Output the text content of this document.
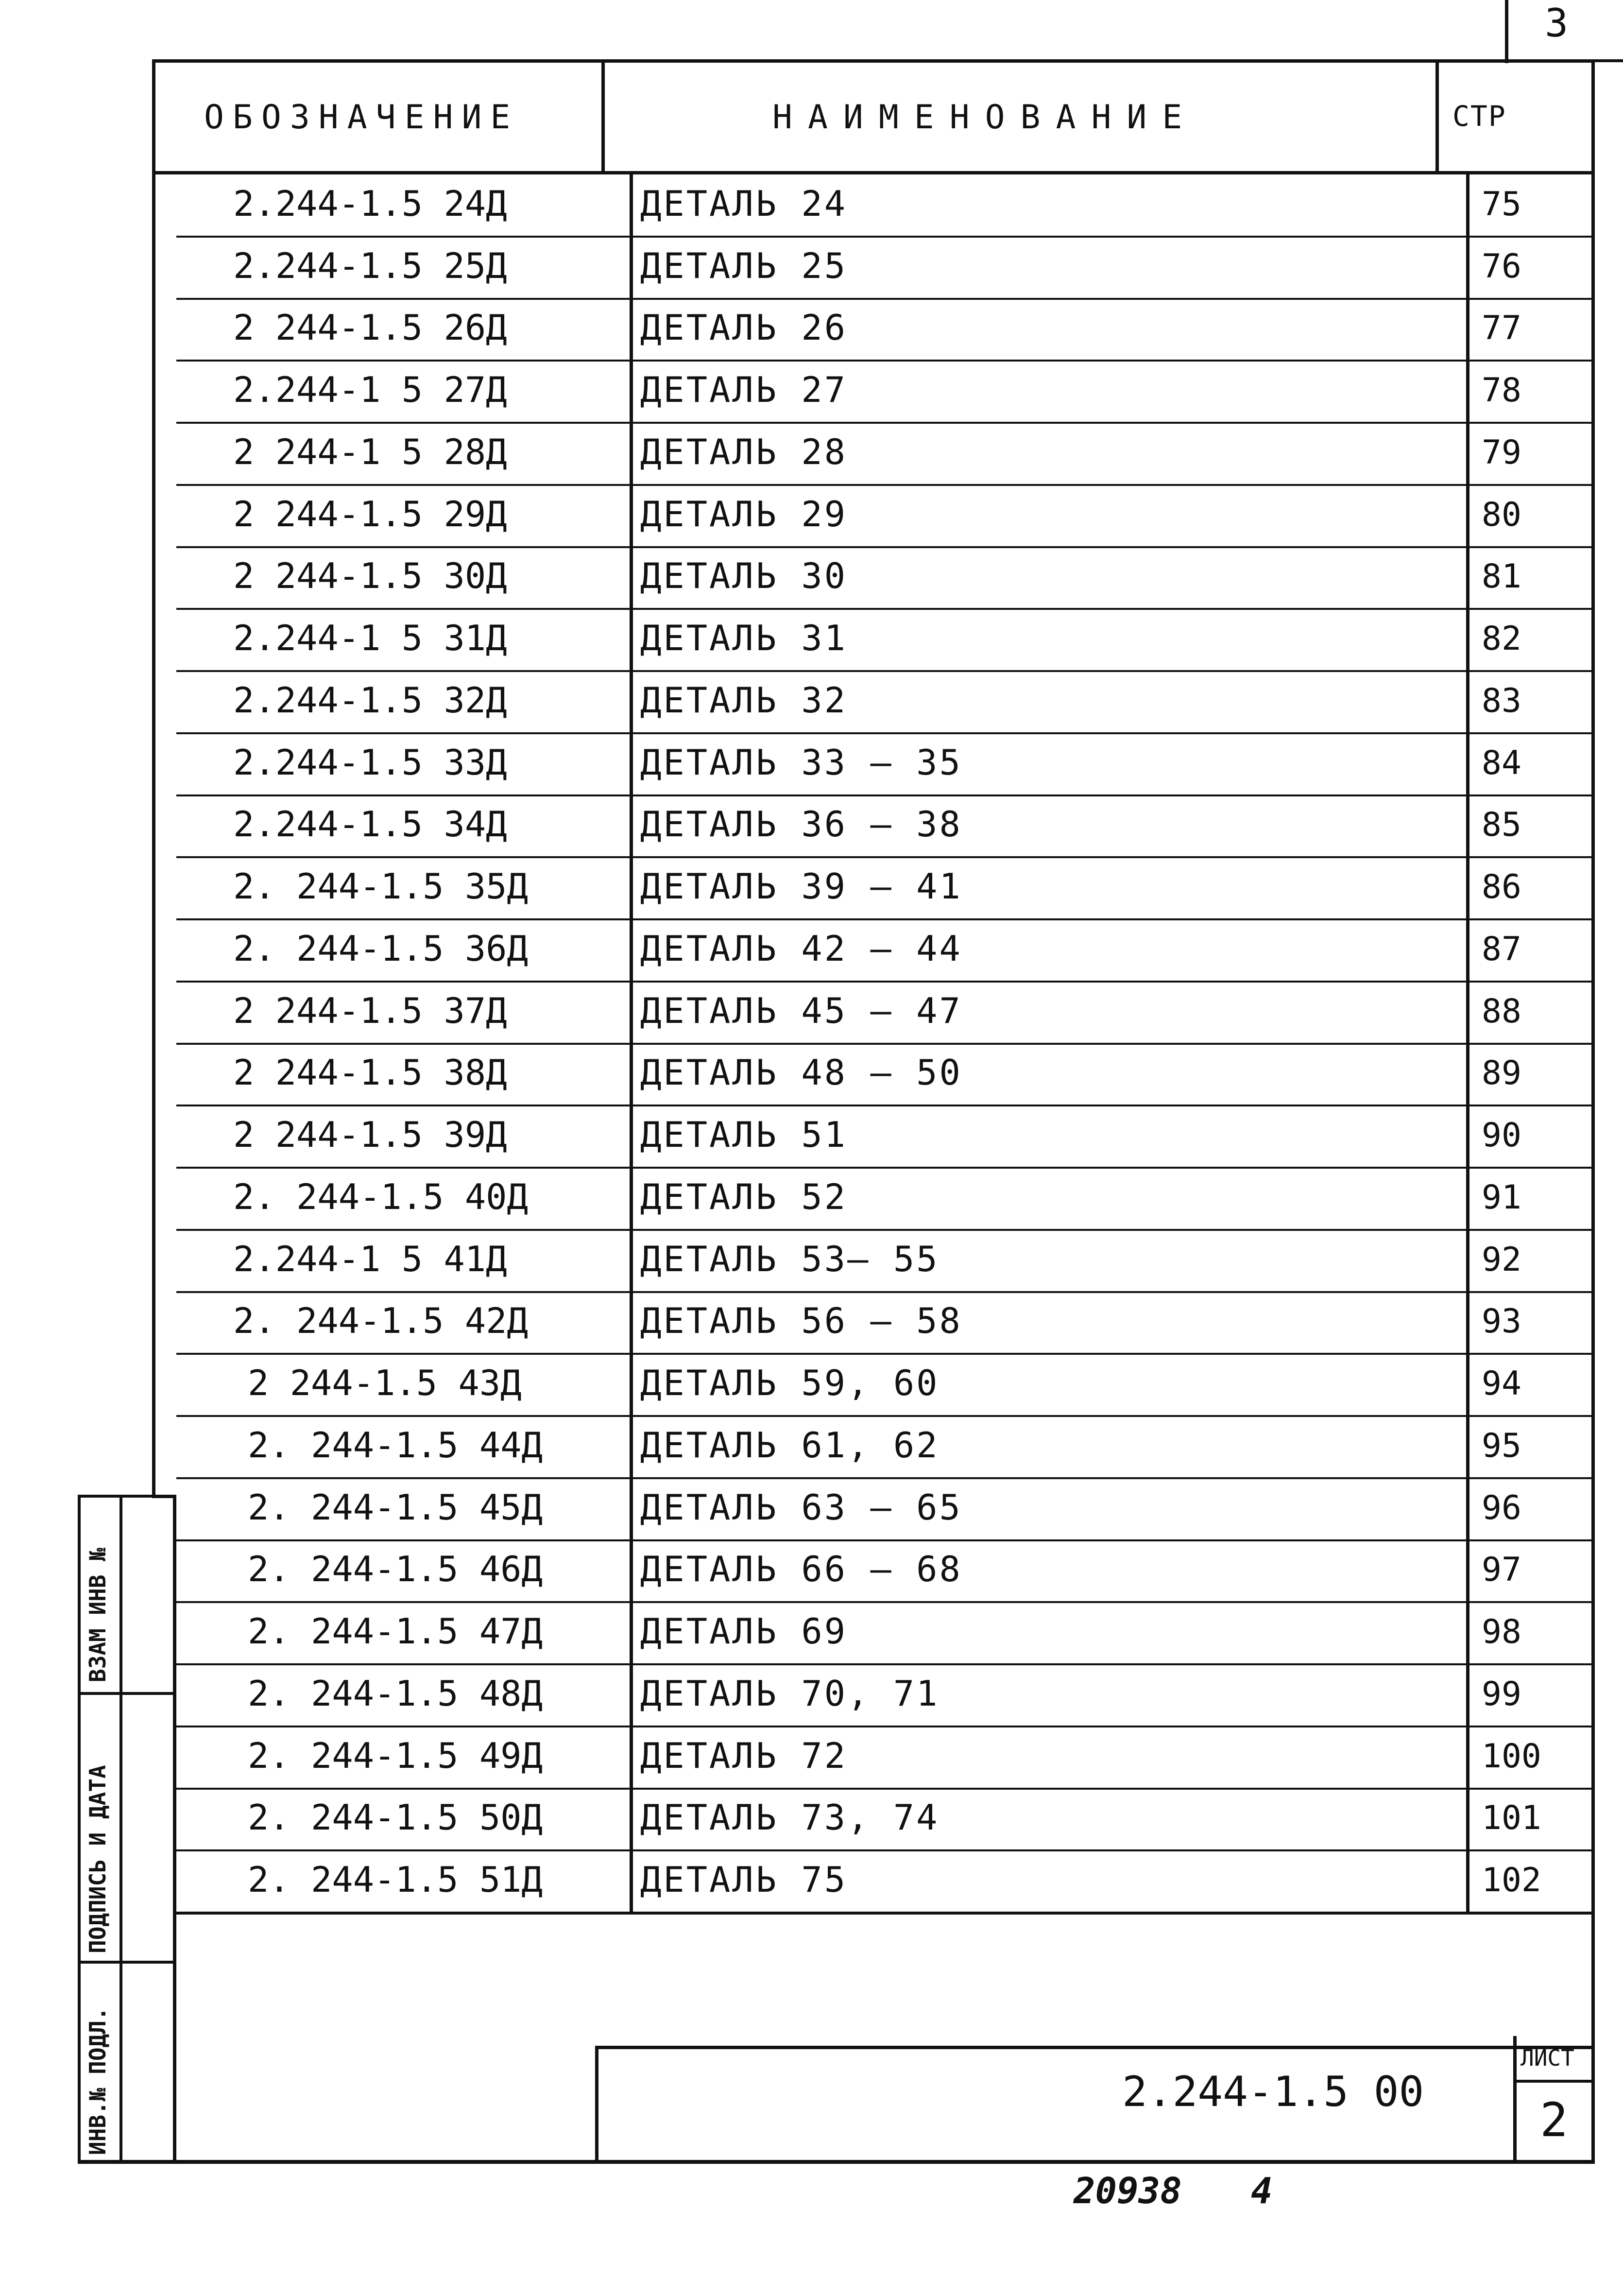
3
ОБОЗНАЧЕНИЕ	НАИМЕНОВАНИЕ	СТР
2.244-1.5 24Д	ДЕТАЛЬ 24	75
2.244-1.5 25Д	ДЕТАЛЬ 25	76
2 244-1.5 26Д	ДЕТАЛЬ 26	77
2.244-1 5 27Д	ДЕТАЛЬ 27	78
2 244-1 5 28Д	ДЕТАЛЬ 28	79
2 244-1.5 29Д	ДЕТАЛЬ 29	80
2 244-1.5 30Д	ДЕТАЛЬ 30	81
2.244-1 5 31Д	ДЕТАЛЬ 31	82
2.244-1.5 32Д	ДЕТАЛЬ 32	83
2.244-1.5 33Д	ДЕТАЛЬ 33 — 35	84
2.244-1.5 34Д	ДЕТАЛЬ 36 — 38	85
2. 244-1.5 35Д	ДЕТАЛЬ 39 — 41	86
2. 244-1.5 36Д	ДЕТАЛЬ 42 — 44	87
2 244-1.5 37Д	ДЕТАЛЬ 45 — 47	88
2 244-1.5 38Д	ДЕТАЛЬ 48 — 50	89
2 244-1.5 39Д	ДЕТАЛЬ 51	90
2. 244-1.5 40Д	ДЕТАЛЬ 52	91
2.244-1 5 41Д	ДЕТАЛЬ 53— 55	92
2. 244-1.5 42Д	ДЕТАЛЬ 56 — 58	93
2 244-1.5 43Д	ДЕТАЛЬ 59, 60	94
2. 244-1.5 44Д	ДЕТАЛЬ 61, 62	95
2. 244-1.5 45Д	ДЕТАЛЬ 63 — 65	96
2. 244-1.5 46Д	ДЕТАЛЬ 66 — 68	97
2. 244-1.5 47Д	ДЕТАЛЬ 69	98
2. 244-1.5 48Д	ДЕТАЛЬ 70, 71	99
2. 244-1.5 49Д	ДЕТАЛЬ 72	100
2. 244-1.5 50Д	ДЕТАЛЬ 73, 74	101
2. 244-1.5 51Д	ДЕТАЛЬ 75	102
ВЗАМ ИНВ №
ПОДПИСЬ И ДАТА
ИНВ.№ ПОДЛ.	2.244-1.5 00
ЛИСТ
2
20938 4
